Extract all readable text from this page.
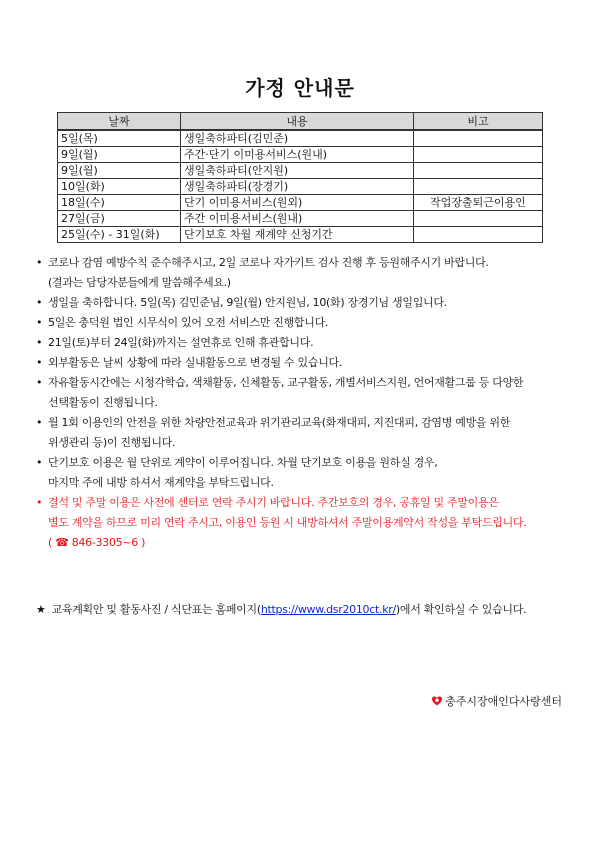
가정 안내문
날짜	내용	비고
5일(목)	생일축하파티(김민준)	
9일(월)	주간·단기 이미용서비스(원내)	
9일(월)	생일축하파티(안지원)	
10일(화)	생일축하파티(장경기)	
18일(수)	단기 이미용서비스(원외)	작업장출퇴근이용인
27일(금)	주간 이미용서비스(원내)	
25일(수) - 31일(화)	단기보호 차월 재계약 신청기간	
• 코로나 감염 예방수칙 준수해주시고, 2일 코로나 자가키트 검사 진행 후 등원해주시기 바랍니다.
(결과는 담당자분들에게 말씀해주세요.)
• 생일을 축하합니다. 5일(목) 김민준님, 9일(월) 안지원님, 10(화) 장경기님 생일입니다.
• 5일은 충덕원 법인 시무식이 있어 오전 서비스만 진행합니다.
• 21일(토)부터 24일(화)까지는 설연휴로 인해 휴관합니다.
• 외부활동은 날씨 상황에 따라 실내활동으로 변경될 수 있습니다.
• 자유활동시간에는 시청각학습, 색채활동, 신체활동, 교구활동, 개별서비스지원, 언어재활그룹 등 다양한
선택활동이 진행됩니다.
• 월 1회 이용인의 안전을 위한 차량안전교육과 위기관리교육(화재대피, 지진대피, 감염병 예방을 위한
위생관리 등)이 진행됩니다.
• 단기보호 이용은 월 단위로 계약이 이루어집니다. 차월 단기보호 이용을 원하실 경우,
마지막 주에 내방 하셔서 재계약을 부탁드립니다.
• 결석 및 주말 이용은 사전에 센터로 연락 주시기 바랍니다. 주간보호의 경우, 공휴일 및 주말이용은
별도 계약을 하므로 미리 연락 주시고, 이용인 등원 시 내방하셔서 주말이용계약서 작성을 부탁드립니다.
( ☎ 846-3305~6 )
★ 교육계획안 및 활동사진 / 식단표는 홈페이지(https://www.dsr2010ct.kr/)에서 확인하실 수 있습니다.
충주시장애인다사랑센터
